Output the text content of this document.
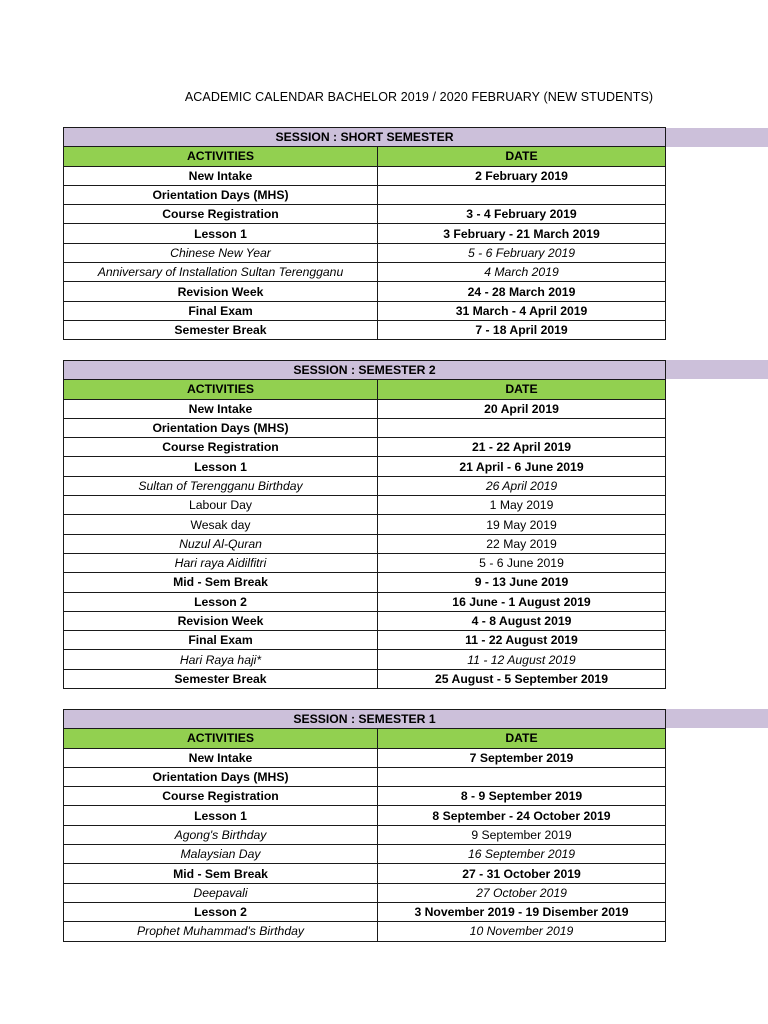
ACADEMIC CALENDAR BACHELOR 2019 / 2020 FEBRUARY (NEW STUDENTS)
SESSION : SHORT SEMESTER	
ACTIVITIES	DATE
New Intake	2 February 2019
Orientation Days (MHS)	
Course Registration	3 - 4 February 2019
Lesson 1	3 February - 21 March 2019
Chinese New Year	5 - 6 February 2019
Anniversary of Installation Sultan Terengganu	4 March 2019
Revision Week	24 - 28 March 2019
Final Exam	31 March - 4 April 2019
Semester Break	7 - 18 April 2019
SESSION : SEMESTER 2	
ACTIVITIES	DATE
New Intake	20 April 2019
Orientation Days (MHS)	
Course Registration	21 - 22 April 2019
Lesson 1	21 April - 6 June 2019
Sultan of Terengganu Birthday	26 April 2019
Labour Day	1 May 2019
Wesak day	19 May 2019
Nuzul Al-Quran	22 May 2019
Hari raya Aidilfitri	5 - 6 June 2019
Mid - Sem Break	9 - 13 June 2019
Lesson 2	16 June - 1 August 2019
Revision Week	4 - 8 August 2019
Final Exam	11 - 22 August 2019
Hari Raya haji*	11 - 12 August 2019
Semester Break	25 August - 5 September 2019
SESSION : SEMESTER 1	
ACTIVITIES	DATE
New Intake	7 September 2019
Orientation Days (MHS)	
Course Registration	8 - 9 September 2019
Lesson 1	8 September - 24 October 2019
Agong's Birthday	9 September 2019
Malaysian Day	16 September 2019
Mid - Sem Break	27 - 31 October 2019
Deepavali	27 October 2019
Lesson 2	3 November 2019 - 19 Disember 2019
Prophet Muhammad's Birthday	10 November 2019
